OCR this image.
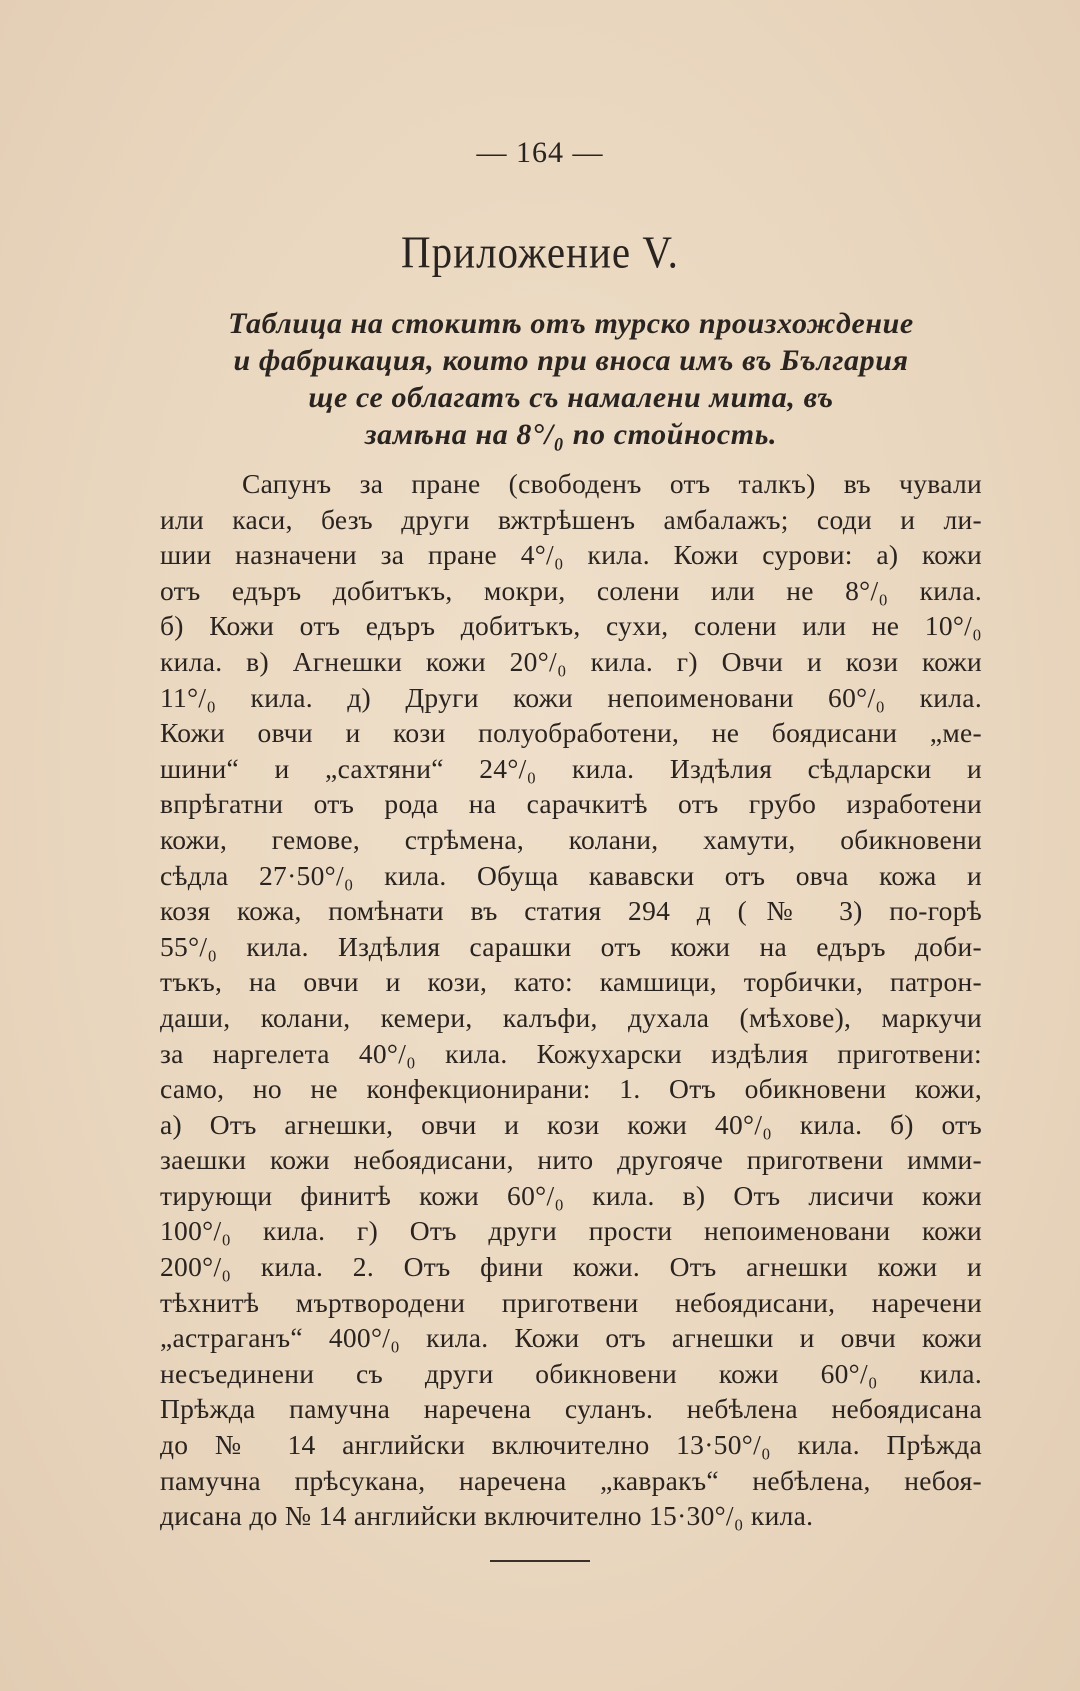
— 164 —
Приложение V.
Таблица на стокитѣ отъ турско произхождение
и фабрикация, които при вноса имъ въ България
ще се облагатъ съ намалени мита, въ
замѣна на 8°/₀ по стойность.
Сапунъ за пране (свободенъ отъ талкъ) въ чували
или каси, безъ други вжтрѣшенъ амбалажъ; соди и ли-
шии назначени за пране 4°/₀ кила. Кожи сурови: а) кожи
отъ едъръ добитъкъ, мокри, солени или не 8°/₀ кила.
б) Кожи отъ едъръ добитъкъ, сухи, солени или не 10°/₀
кила. в) Агнешки кожи 20°/₀ кила. г) Овчи и кози кожи
11°/₀ кила. д) Други кожи непоименовани 60°/₀ кила.
Кожи овчи и кози полуобработени, не боядисани „ме-
шини“ и „сахтяни“ 24°/₀ кила. Издѣлия сѣдларски и
впрѣгатни отъ рода на сарачкитѣ отъ грубо изработени
кожи, гемове, стрѣмена, колани, хамути, обикновени
сѣдла 27·50°/₀ кила. Обуща кававски отъ овча кожа и
козя кожа, помѣнати въ статия 294 д (№ 3) по-горѣ
55°/₀ кила. Издѣлия сарашки отъ кожи на едъръ доби-
тъкъ, на овчи и кози, като: камшици, торбички, патрон-
даши, колани, кемери, калъфи, духала (мѣхове), маркучи
за наргелета 40°/₀ кила. Кожухарски издѣлия приготвени:
само, но не конфекционирани: 1. Отъ обикновени кожи,
а) Отъ агнешки, овчи и кози кожи 40°/₀ кила. б) отъ
заешки кожи небоядисани, нито другояче приготвени имми-
тирующи финитѣ кожи 60°/₀ кила. в) Отъ лисичи кожи
100°/₀ кила. г) Отъ други прости непоименовани кожи
200°/₀ кила. 2. Отъ фини кожи. Отъ агнешки кожи и
тѣхнитѣ мъртвородени приготвени небоядисани, наречени
„астраганъ“ 400°/₀ кила. Кожи отъ агнешки и овчи кожи
несъединени съ други обикновени кожи 60°/₀ кила.
Прѣжда памучна наречена суланъ. небѣлена небоядисана
до № 14 английски включително 13·50°/₀ кила. Прѣжда
памучна прѣсукана, наречена „кавракъ“ небѣлена, небоя-
дисана до № 14 английски включително 15·30°/₀ кила.
